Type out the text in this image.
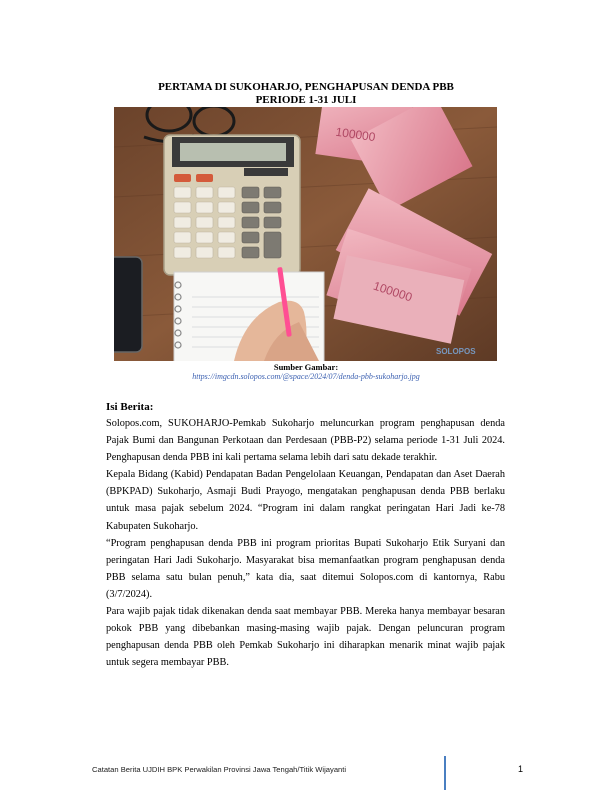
PERTAMA DI SUKOHARJO, PENGHAPUSAN DENDA PBB
PERIODE 1-31 JULI
100000
100000
SOLOPOS
Sumber Gambar:
https://imgcdn.solopos.com/@space/2024/07/denda-pbb-sukoharjo.jpg
Isi Berita:

Solopos.com, SUKOHARJO-Pemkab Sukoharjo meluncurkan program penghapusan denda Pajak Bumi dan Bangunan Perkotaan dan Perdesaan (PBB-P2) selama periode 1-31 Juli 2024. Penghapusan denda PBB ini kali pertama selama lebih dari satu dekade terakhir.

Kepala Bidang (Kabid) Pendapatan Badan Pengelolaan Keuangan, Pendapatan dan Aset Daerah (BPKPAD) Sukoharjo, Asmaji Budi Prayogo, mengatakan penghapusan denda PBB berlaku untuk masa pajak sebelum 2024. “Program ini dalam rangkat peringatan Hari Jadi ke-78 Kabupaten Sukoharjo.

“Program penghapusan denda PBB ini program prioritas Bupati Sukoharjo Etik Suryani dan peringatan Hari Jadi Sukoharjo. Masyarakat bisa memanfaatkan program penghapusan denda PBB selama satu bulan penuh,” kata dia, saat ditemui Solopos.com di kantornya, Rabu (3/7/2024).

Para wajib pajak tidak dikenakan denda saat membayar PBB. Mereka hanya membayar besaran pokok PBB yang dibebankan masing-masing wajib pajak. Dengan peluncuran program penghapusan denda PBB oleh Pemkab Sukoharjo ini diharapkan menarik minat wajib pajak untuk segera membayar PBB.

Catatan Berita UJDIH BPK Perwakilan Provinsi Jawa Tengah/Titik Wijayanti	1
